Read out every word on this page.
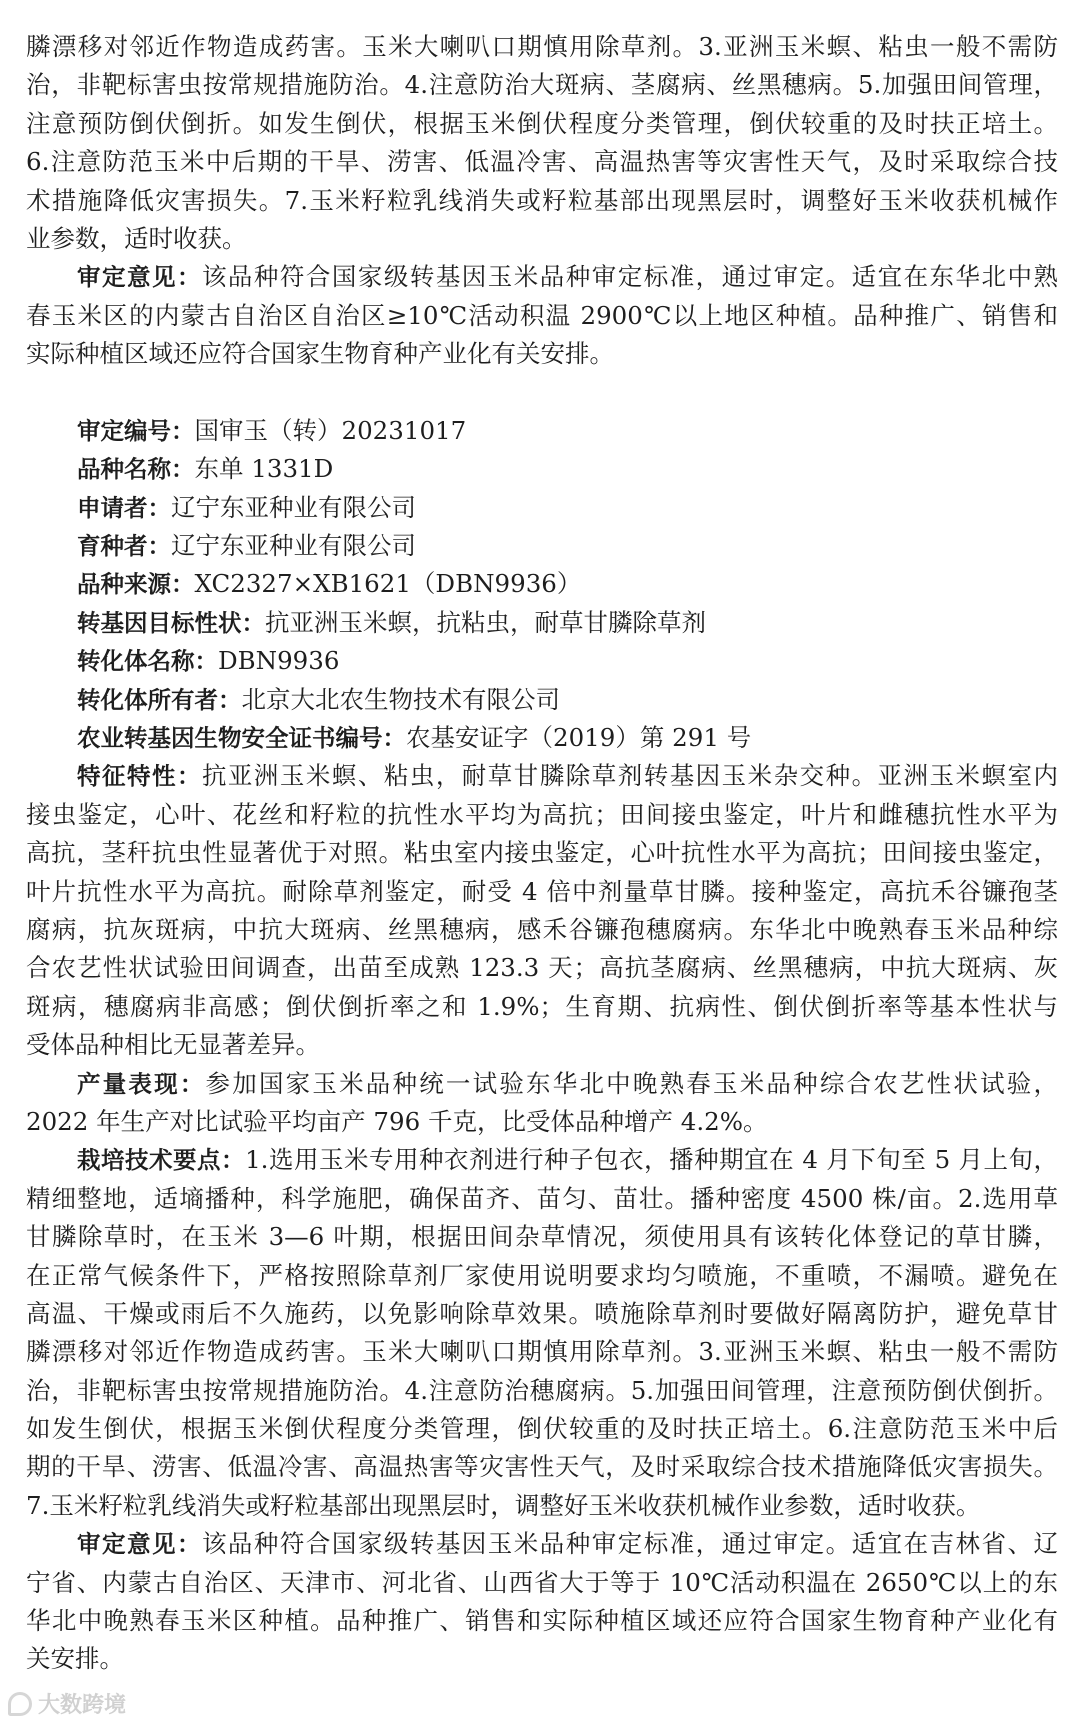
膦漂移对邻近作物造成药害。玉米大喇叭口期慎用除草剂。3.亚洲玉米螟、粘虫一般不需防
治，非靶标害虫按常规措施防治。4.注意防治大斑病、茎腐病、丝黑穗病。5.加强田间管理，
注意预防倒伏倒折。如发生倒伏，根据玉米倒伏程度分类管理，倒伏较重的及时扶正培土。
6.注意防范玉米中后期的干旱、涝害、低温冷害、高温热害等灾害性天气，及时采取综合技
术措施降低灾害损失。7.玉米籽粒乳线消失或籽粒基部出现黑层时，调整好玉米收获机械作
业参数，适时收获。
审定意见：该品种符合国家级转基因玉米品种审定标准，通过审定。适宜在东华北中熟
春玉米区的内蒙古自治区自治区≥10℃活动积温 2900℃以上地区种植。品种推广、销售和
实际种植区域还应符合国家生物育种产业化有关安排。
审定编号：国审玉（转）20231017
品种名称：东单 1331D
申请者：辽宁东亚种业有限公司
育种者：辽宁东亚种业有限公司
品种来源：XC2327×XB1621（DBN9936）
转基因目标性状：抗亚洲玉米螟，抗粘虫，耐草甘膦除草剂
转化体名称：DBN9936
转化体所有者：北京大北农生物技术有限公司
农业转基因生物安全证书编号：农基安证字（2019）第 291 号
特征特性：抗亚洲玉米螟、粘虫，耐草甘膦除草剂转基因玉米杂交种。亚洲玉米螟室内
接虫鉴定，心叶、花丝和籽粒的抗性水平均为高抗；田间接虫鉴定，叶片和雌穗抗性水平为
高抗，茎秆抗虫性显著优于对照。粘虫室内接虫鉴定，心叶抗性水平为高抗；田间接虫鉴定，
叶片抗性水平为高抗。耐除草剂鉴定，耐受 4 倍中剂量草甘膦。接种鉴定，高抗禾谷镰孢茎
腐病，抗灰斑病，中抗大斑病、丝黑穗病，感禾谷镰孢穗腐病。东华北中晚熟春玉米品种综
合农艺性状试验田间调查，出苗至成熟 123.3 天；高抗茎腐病、丝黑穗病，中抗大斑病、灰
斑病，穗腐病非高感；倒伏倒折率之和 1.9%；生育期、抗病性、倒伏倒折率等基本性状与
受体品种相比无显著差异。
产量表现：参加国家玉米品种统一试验东华北中晚熟春玉米品种综合农艺性状试验，
2022 年生产对比试验平均亩产 796 千克，比受体品种增产 4.2%。
栽培技术要点：1.选用玉米专用种衣剂进行种子包衣，播种期宜在 4 月下旬至 5 月上旬，
精细整地，适墒播种，科学施肥，确保苗齐、苗匀、苗壮。播种密度 4500 株/亩。2.选用草
甘膦除草时，在玉米 3—6 叶期，根据田间杂草情况，须使用具有该转化体登记的草甘膦，
在正常气候条件下，严格按照除草剂厂家使用说明要求均匀喷施，不重喷，不漏喷。避免在
高温、干燥或雨后不久施药，以免影响除草效果。喷施除草剂时要做好隔离防护，避免草甘
膦漂移对邻近作物造成药害。玉米大喇叭口期慎用除草剂。3.亚洲玉米螟、粘虫一般不需防
治，非靶标害虫按常规措施防治。4.注意防治穗腐病。5.加强田间管理，注意预防倒伏倒折。
如发生倒伏，根据玉米倒伏程度分类管理，倒伏较重的及时扶正培土。6.注意防范玉米中后
期的干旱、涝害、低温冷害、高温热害等灾害性天气，及时采取综合技术措施降低灾害损失。
7.玉米籽粒乳线消失或籽粒基部出现黑层时，调整好玉米收获机械作业参数，适时收获。
审定意见：该品种符合国家级转基因玉米品种审定标准，通过审定。适宜在吉林省、辽
宁省、内蒙古自治区、天津市、河北省、山西省大于等于 10℃活动积温在 2650℃以上的东
华北中晚熟春玉米区种植。品种推广、销售和实际种植区域还应符合国家生物育种产业化有
关安排。
大数跨境
